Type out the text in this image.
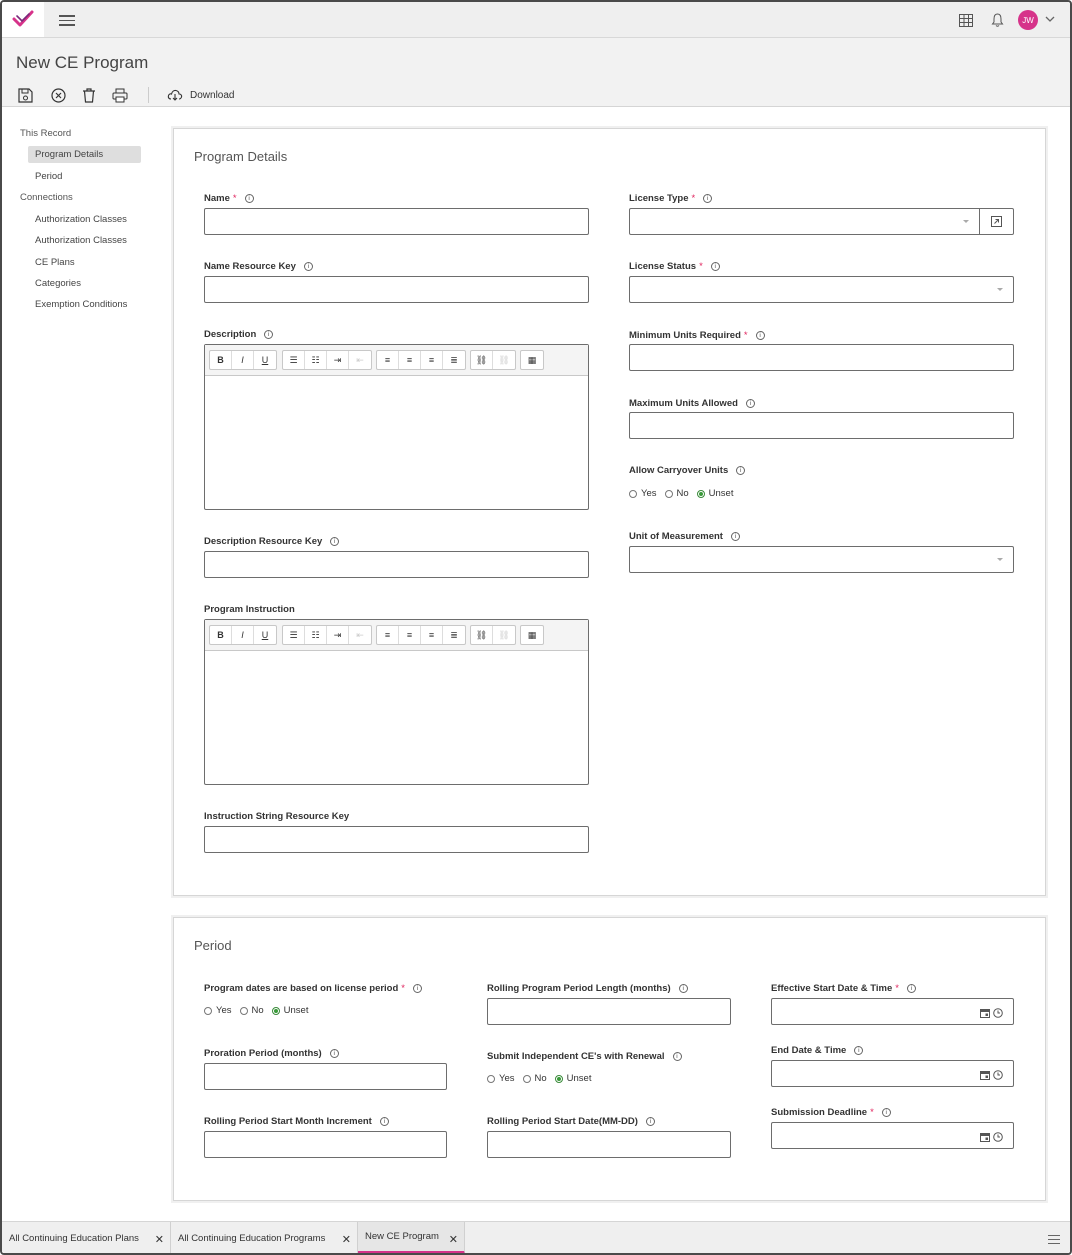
JW
New CE Program
Download
This Record
Program Details
Period
Connections
Authorization Classes
Authorization Classes
CE Plans
Categories
Exemption Conditions
Program Details
Name *	i
Name Resource Key	i
Description	i
B	I	U	☰	☷	⇥	⇤	≡	≡	≡	≣	⛓	⛓	▦
Description Resource Key	i
Program Instruction
B	I	U	☰	☷	⇥	⇤	≡	≡	≡	≣	⛓	⛓	▦
Instruction String Resource Key
License Type *	i
License Status *	i
Minimum Units Required *	i
Maximum Units Allowed	i
Allow Carryover Units	i
Yes No Unset
Unit of Measurement	i
Period
Program dates are based on license period *	i
Yes No Unset
Proration Period (months)	i
Rolling Period Start Month Increment	i
Rolling Program Period Length (months)	i
Submit Independent CE's with Renewal	i
Yes No Unset
Rolling Period Start Date(MM-DD)	i
Effective Start Date & Time *	i
End Date & Time	i
Submission Deadline *	i
All Continuing Education Plans ✕ All Continuing Education Programs ✕ New CE Program ✕
